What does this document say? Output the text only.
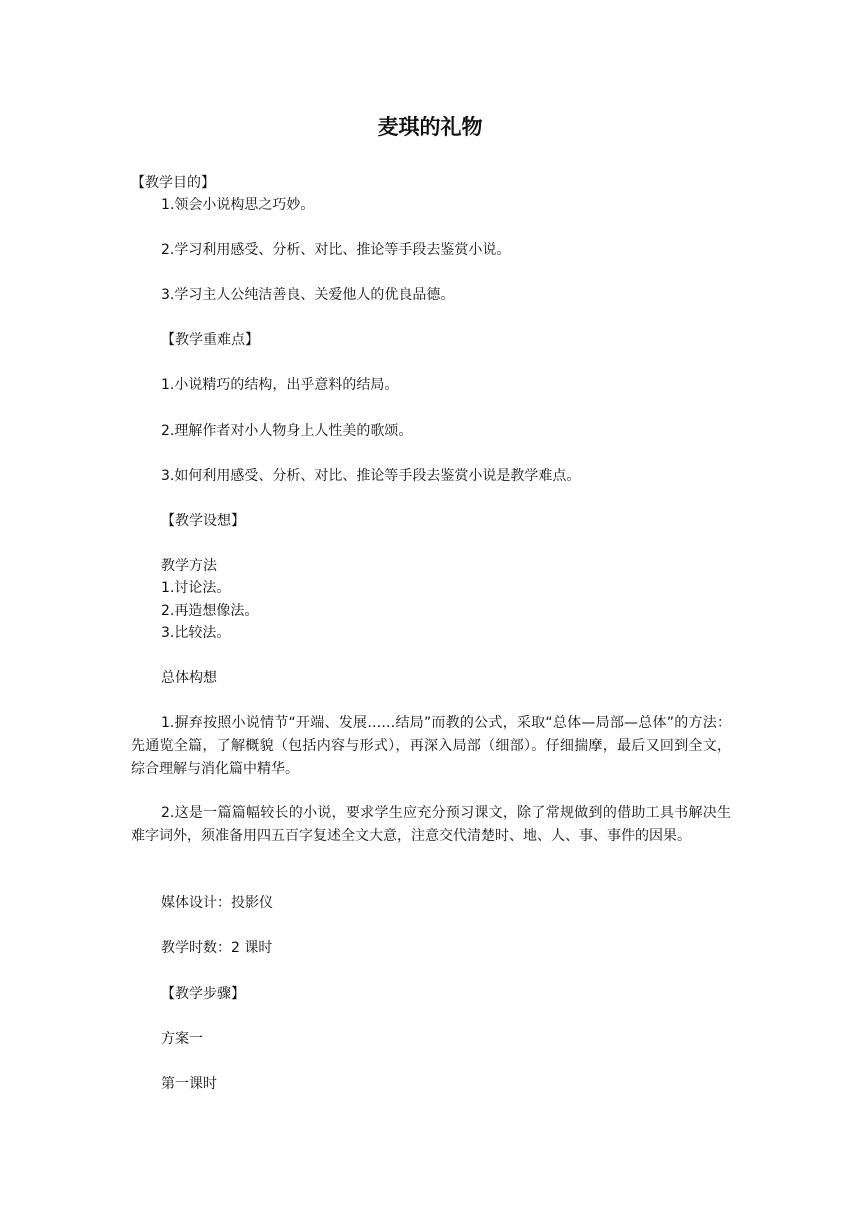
麦琪的礼物
【教学目的】
1.领会小说构思之巧妙。
2.学习利用感受、分析、对比、推论等手段去鉴赏小说。
3.学习主人公纯洁善良、关爱他人的优良品德。
【教学重难点】
1.小说精巧的结构，出乎意料的结局。
2.理解作者对小人物身上人性美的歌颂。
3.如何利用感受、分析、对比、推论等手段去鉴赏小说是教学难点。
【教学设想】
教学方法
1.讨论法。
2.再造想像法。
3.比较法。
总体构想
1.摒弃按照小说情节“开端、发展……结局”而教的公式，采取“总体—局部—总体”的方法：先通览全篇，了解概貌（包括内容与形式），再深入局部（细部）。仔细揣摩，最后又回到全文，综合理解与消化篇中精华。
2.这是一篇篇幅较长的小说，要求学生应充分预习课文，除了常规做到的借助工具书解决生难字词外，须准备用四五百字复述全文大意，注意交代清楚时、地、人、事、事件的因果。
媒体设计：投影仪
教学时数：2 课时
【教学步骤】
方案一
第一课时
